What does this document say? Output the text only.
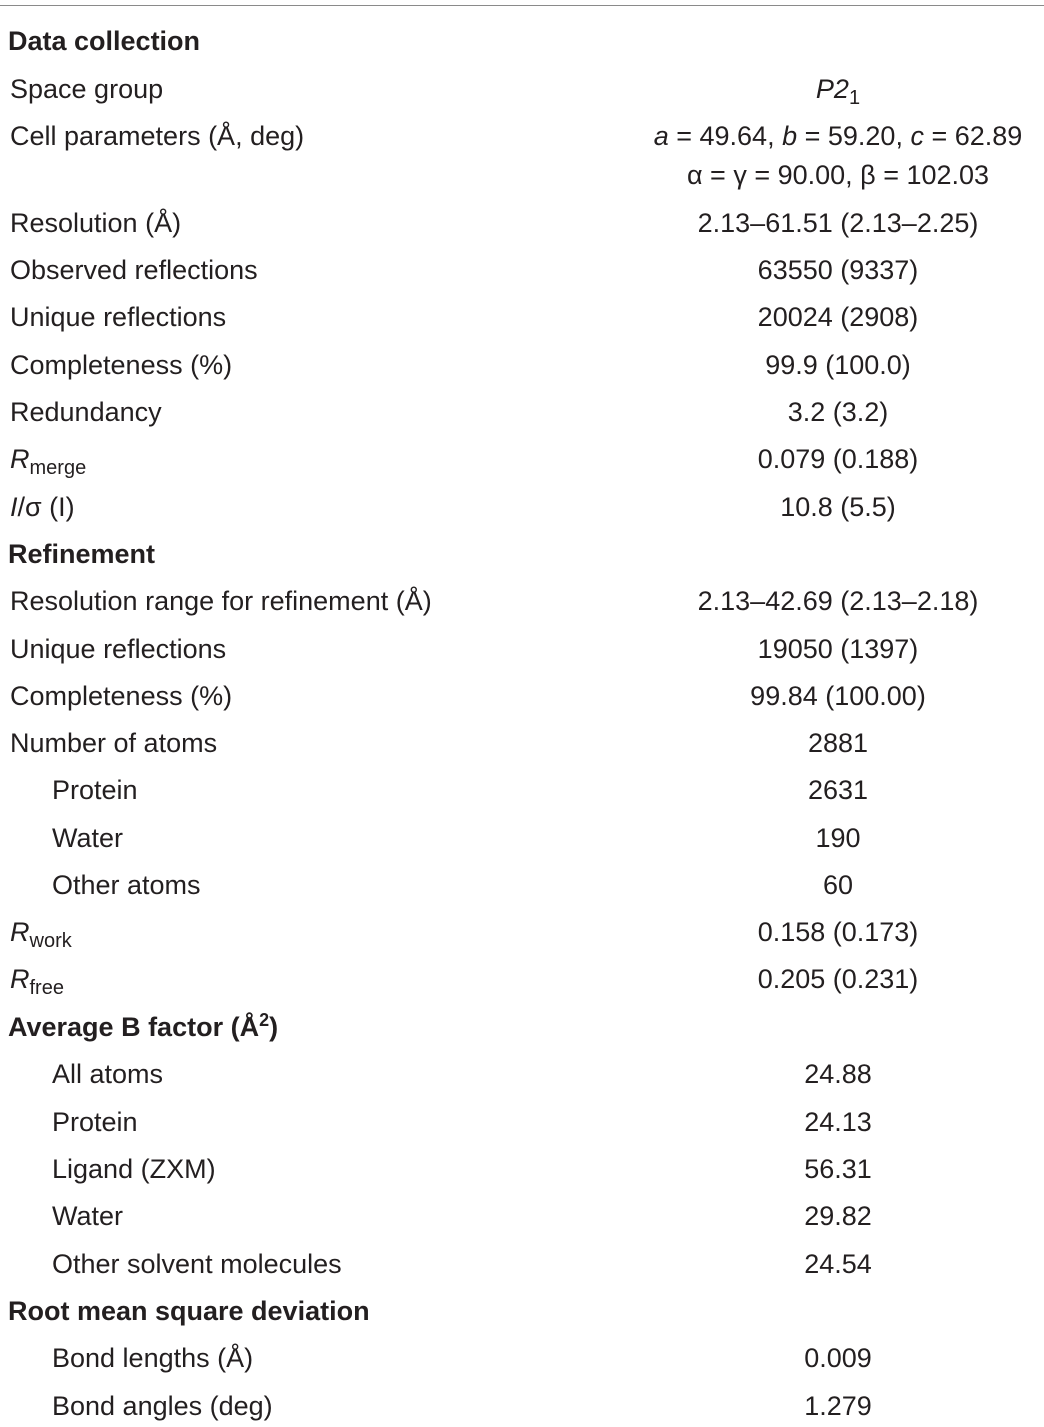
Data collection
Space group	$P2_1$
Cell parameters (Å, deg)	a = 49.64, b = 59.20, c = 62.89
α = γ = 90.00, β = 102.03
Resolution (Å)	2.13–61.51 (2.13–2.25)
Observed reflections	63550 (9337)
Unique reflections	20024 (2908)
Completeness (%)	99.9 (100.0)
Redundancy	3.2 (3.2)
$R_{merge}$	0.079 (0.188)
I/σ (I)	10.8 (5.5)
Refinement
Resolution range for refinement (Å)	2.13–42.69 (2.13–2.18)
Unique reflections	19050 (1397)
Completeness (%)	99.84 (100.00)
Number of atoms	2881
Protein	2631
Water	190
Other atoms	60
$R_{work}$	0.158 (0.173)
$R_{free}$	0.205 (0.231)
Average B factor $(Å^2)$
All atoms	24.88
Protein	24.13
Ligand (ZXM)	56.31
Water	29.82
Other solvent molecules	24.54
Root mean square deviation
Bond lengths (Å)	0.009
Bond angles (deg)	1.279
